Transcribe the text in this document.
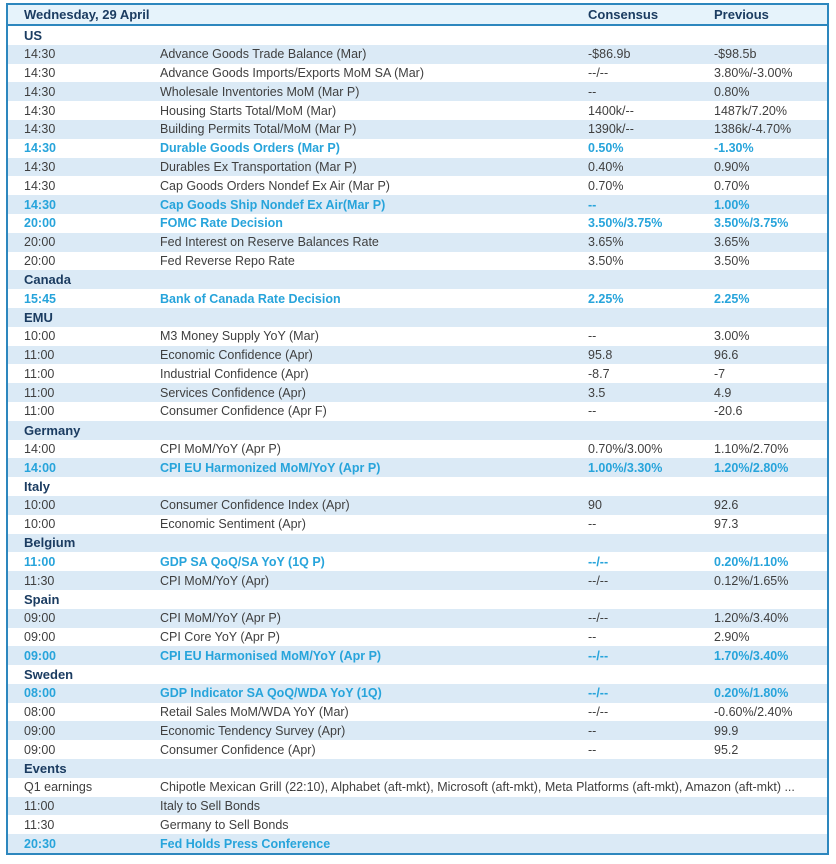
Wednesday, 29 April	Consensus	Previous
US
14:30	Advance Goods Trade Balance (Mar)	-$86.9b	-$98.5b
14:30	Advance Goods Imports/Exports MoM SA (Mar)	--/--	3.80%/-3.00%
14:30	Wholesale Inventories MoM (Mar P)	--	0.80%
14:30	Housing Starts Total/MoM (Mar)	1400k/--	1487k/7.20%
14:30	Building Permits Total/MoM (Mar P)	1390k/--	1386k/-4.70%
14:30	Durable Goods Orders (Mar P)	0.50%	-1.30%
14:30	Durables Ex Transportation (Mar P)	0.40%	0.90%
14:30	Cap Goods Orders Nondef Ex Air (Mar P)	0.70%	0.70%
14:30	Cap Goods Ship Nondef Ex Air(Mar P)	--	1.00%
20:00	FOMC Rate Decision	3.50%/3.75%	3.50%/3.75%
20:00	Fed Interest on Reserve Balances Rate	3.65%	3.65%
20:00	Fed Reverse Repo Rate	3.50%	3.50%
Canada
15:45	Bank of Canada Rate Decision	2.25%	2.25%
EMU
10:00	M3 Money Supply YoY (Mar)	--	3.00%
11:00	Economic Confidence (Apr)	95.8	96.6
11:00	Industrial Confidence (Apr)	-8.7	-7
11:00	Services Confidence (Apr)	3.5	4.9
11:00	Consumer Confidence (Apr F)	--	-20.6
Germany
14:00	CPI MoM/YoY (Apr P)	0.70%/3.00%	1.10%/2.70%
14:00	CPI EU Harmonized MoM/YoY (Apr P)	1.00%/3.30%	1.20%/2.80%
Italy
10:00	Consumer Confidence Index (Apr)	90	92.6
10:00	Economic Sentiment (Apr)	--	97.3
Belgium
11:00	GDP SA QoQ/SA YoY (1Q P)	--/--	0.20%/1.10%
11:30	CPI MoM/YoY (Apr)	--/--	0.12%/1.65%
Spain
09:00	CPI MoM/YoY (Apr P)	--/--	1.20%/3.40%
09:00	CPI Core YoY (Apr P)	--	2.90%
09:00	CPI EU Harmonised MoM/YoY (Apr P)	--/--	1.70%/3.40%
Sweden
08:00	GDP Indicator SA QoQ/WDA YoY (1Q)	--/--	0.20%/1.80%
08:00	Retail Sales MoM/WDA YoY (Mar)	--/--	-0.60%/2.40%
09:00	Economic Tendency Survey (Apr)	--	99.9
09:00	Consumer Confidence (Apr)	--	95.2
Events
Q1 earnings	Chipotle Mexican Grill (22:10), Alphabet (aft-mkt), Microsoft (aft-mkt), Meta Platforms (aft-mkt), Amazon (aft-mkt) ...
11:00	Italy to Sell Bonds
11:30	Germany to Sell Bonds
20:30	Fed Holds Press Conference
